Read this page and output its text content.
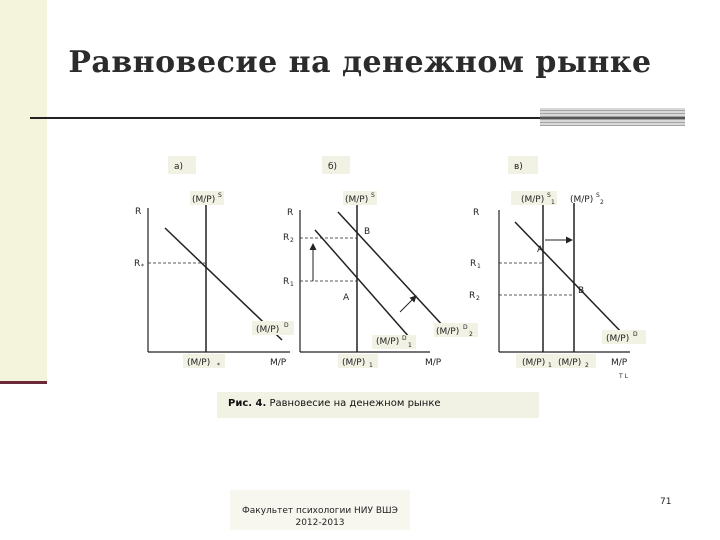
Равновесие на денежном рынке
а)	б)	в)
(M/P) S
R
R *
(M/P) D
(M/P) *	M/P
(M/P) S
R
R 2
R 1
B
A
(M/P) D
1
(M/P) D
2
(M/P) 1	M/P
(M/P) S
1 (M/P) S
2
R
A
B
R 1
R 2
(M/P) D
(M/P) 1 (M/P) 2 M/P
T L
Рис. 4. Равновесие на денежном рынке
Факультет психологии НИУ ВШЭ
2012-2013
71
